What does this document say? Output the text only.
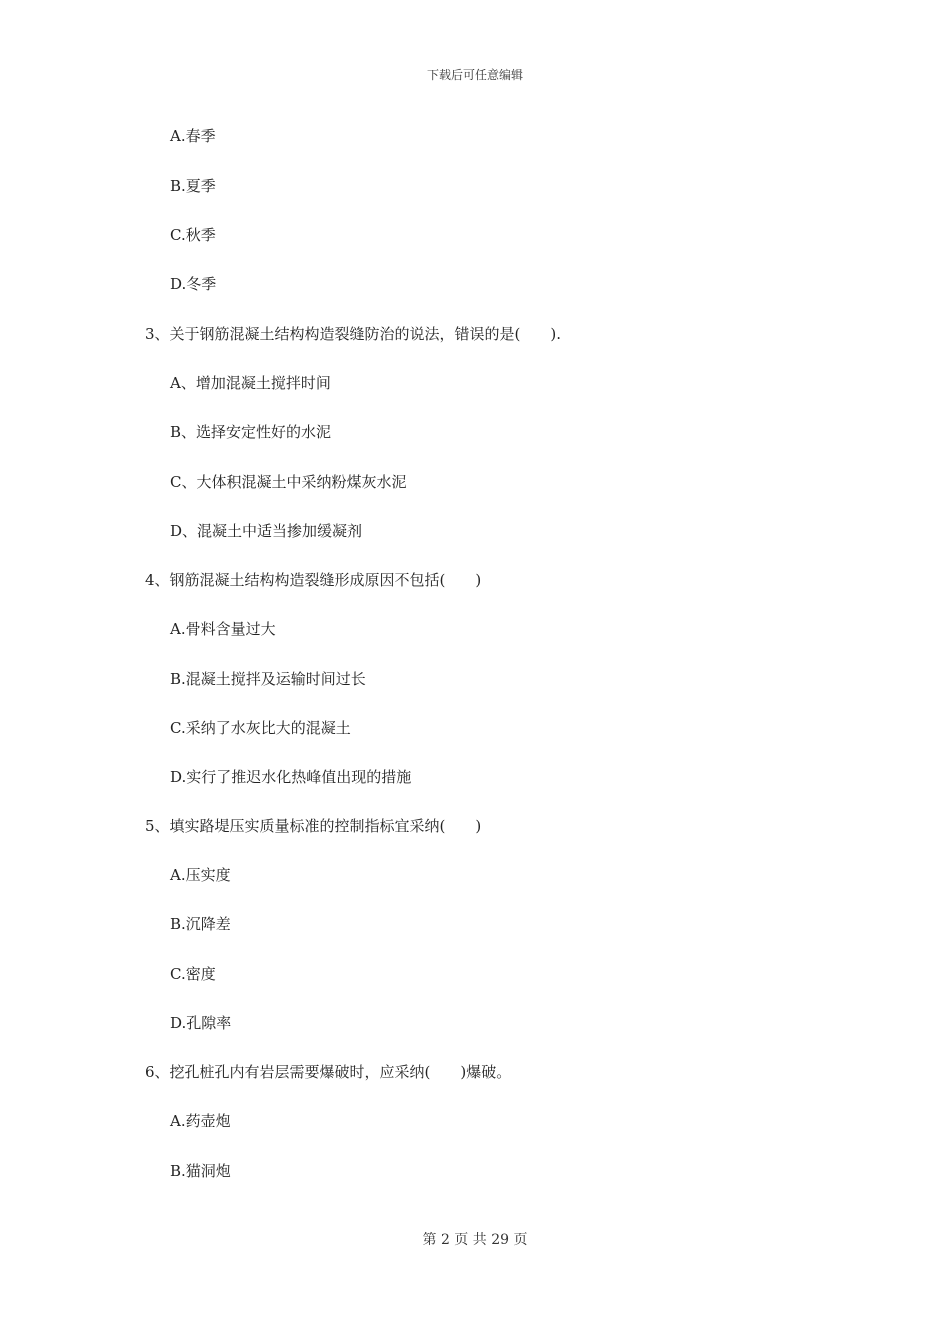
下载后可任意编辑
A.春季
B.夏季
C.秋季
D.冬季
3、关于钢筋混凝土结构构造裂缝防治的说法，错误的是(　　).
A、增加混凝土搅拌时间
B、选择安定性好的水泥
C、大体积混凝土中采纳粉煤灰水泥
D、混凝土中适当掺加缓凝剂
4、钢筋混凝土结构构造裂缝形成原因不包括(　　)
A.骨料含量过大
B.混凝土搅拌及运输时间过长
C.采纳了水灰比大的混凝土
D.实行了推迟水化热峰值出现的措施
5、填实路堤压实质量标准的控制指标宜采纳(　　)
A.压实度
B.沉降差
C.密度
D.孔隙率
6、挖孔桩孔内有岩层需要爆破时，应采纳(　　)爆破。
A.药壶炮
B.猫洞炮
第 2 页 共 29 页
